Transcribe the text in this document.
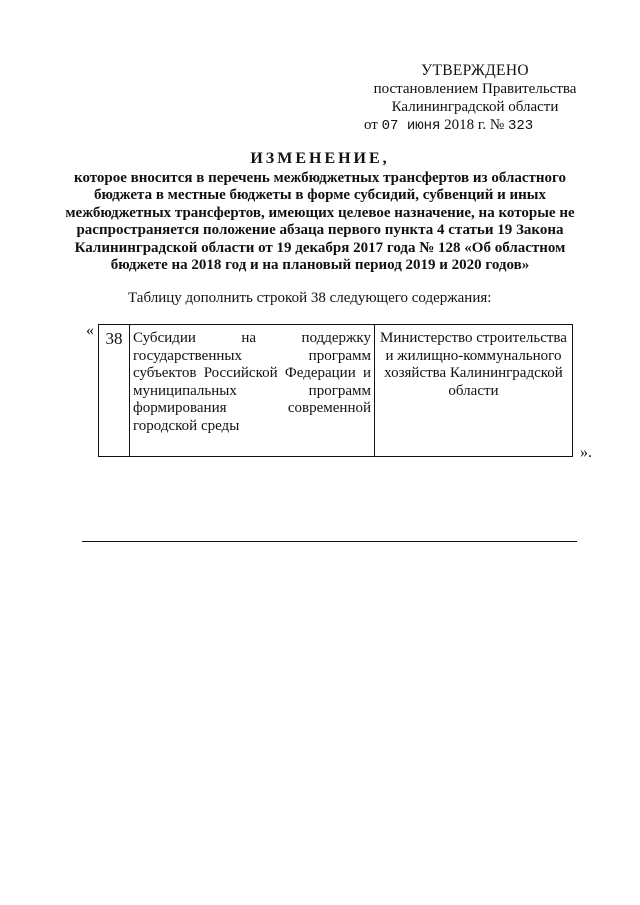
УТВЕРЖДЕНО
постановлением Правительства
Калининградской области
от 07 июня 2018 г. № 323
ИЗМЕНЕНИЕ,
которое вносится в перечень межбюджетных трансфертов из областного бюджета в местные бюджеты в форме субсидий, субвенций и иных межбюджетных трансфертов, имеющих целевое назначение, на которые не распространяется положение абзаца первого пункта 4 статьи 19 Закона Калининградской области от 19 декабря 2017 года № 128 «Об областном бюджете на 2018 год и на плановый период 2019 и 2020 годов»
Таблицу дополнить строкой 38 следующего содержания:
« 38	Субсидии на поддержку государственных программ субъектов Российской Федерации и муниципальных программ формирования современной городской среды	Министерство строительства и жилищно-коммунального хозяйства Калининградской области
».
